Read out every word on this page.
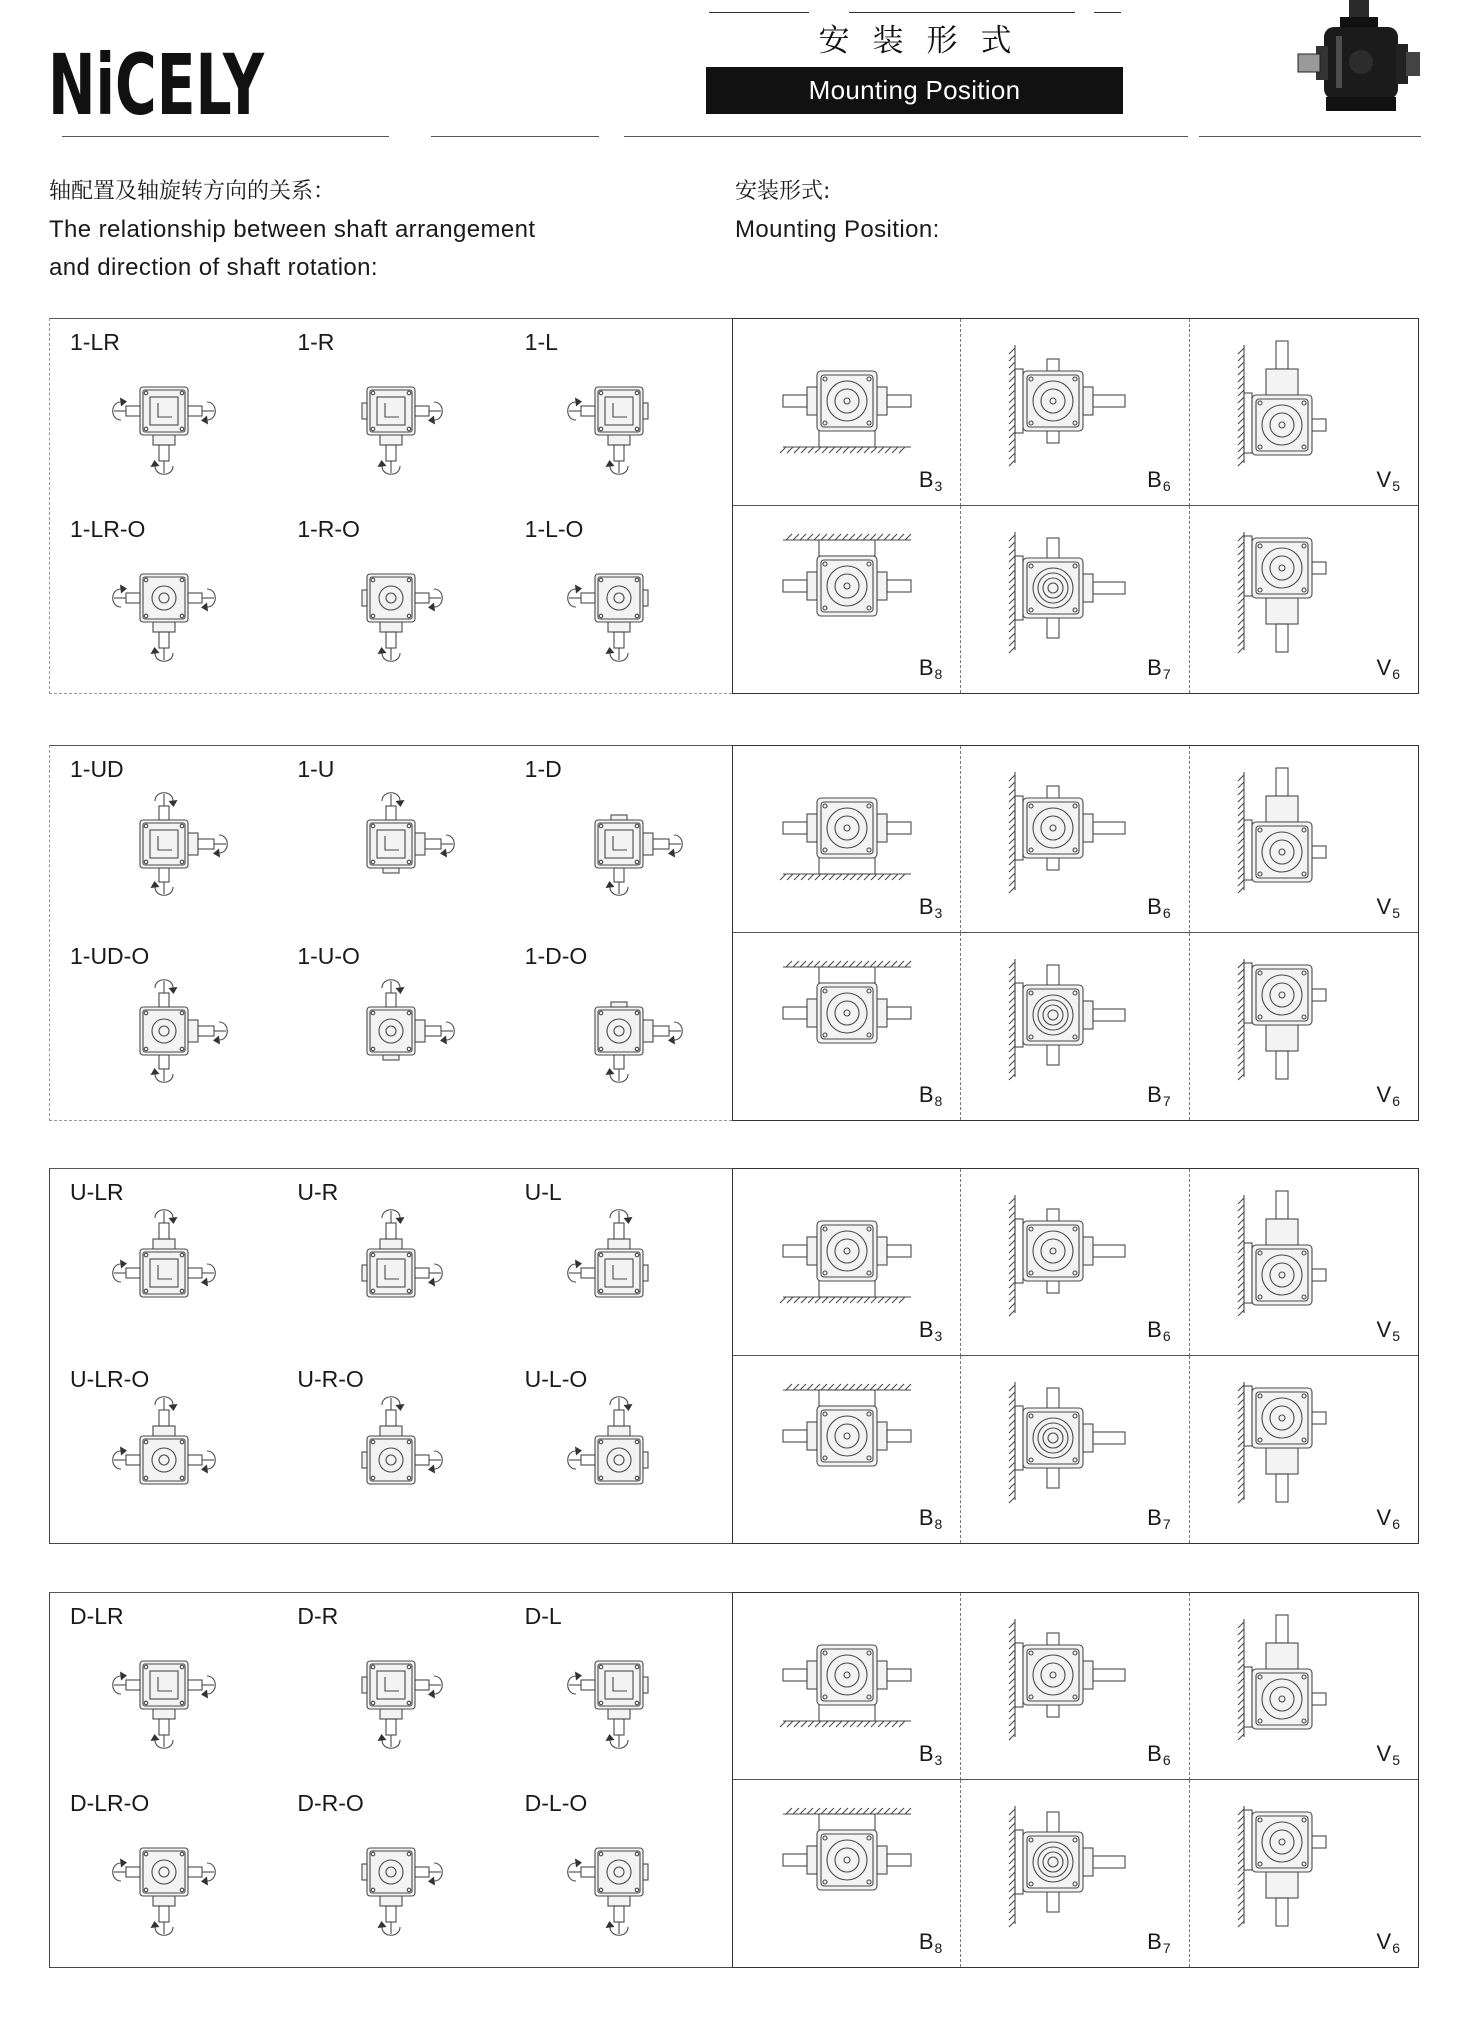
NiCELY	安装形式
Mounting Position
轴配置及轴旋转方向的关系：
The relationship between shaft arrangement
and direction of shaft rotation:
安装形式:
Mounting Position:
1-LR	1-R	1-L
1-LR-O	1-R-O	1-L-O
B3	B6	V5
B8	B7	V6
1-UD	1-U	1-D
1-UD-O	1-U-O	1-D-O
B3	B6	V5
B8	B7	V6
U-LR	U-R	U-L
U-LR-O	U-R-O	U-L-O
B3	B6	V5
B8	B7	V6
D-LR	D-R	D-L
D-LR-O	D-R-O	D-L-O
B3	B6	V5
B8	B7	V6
